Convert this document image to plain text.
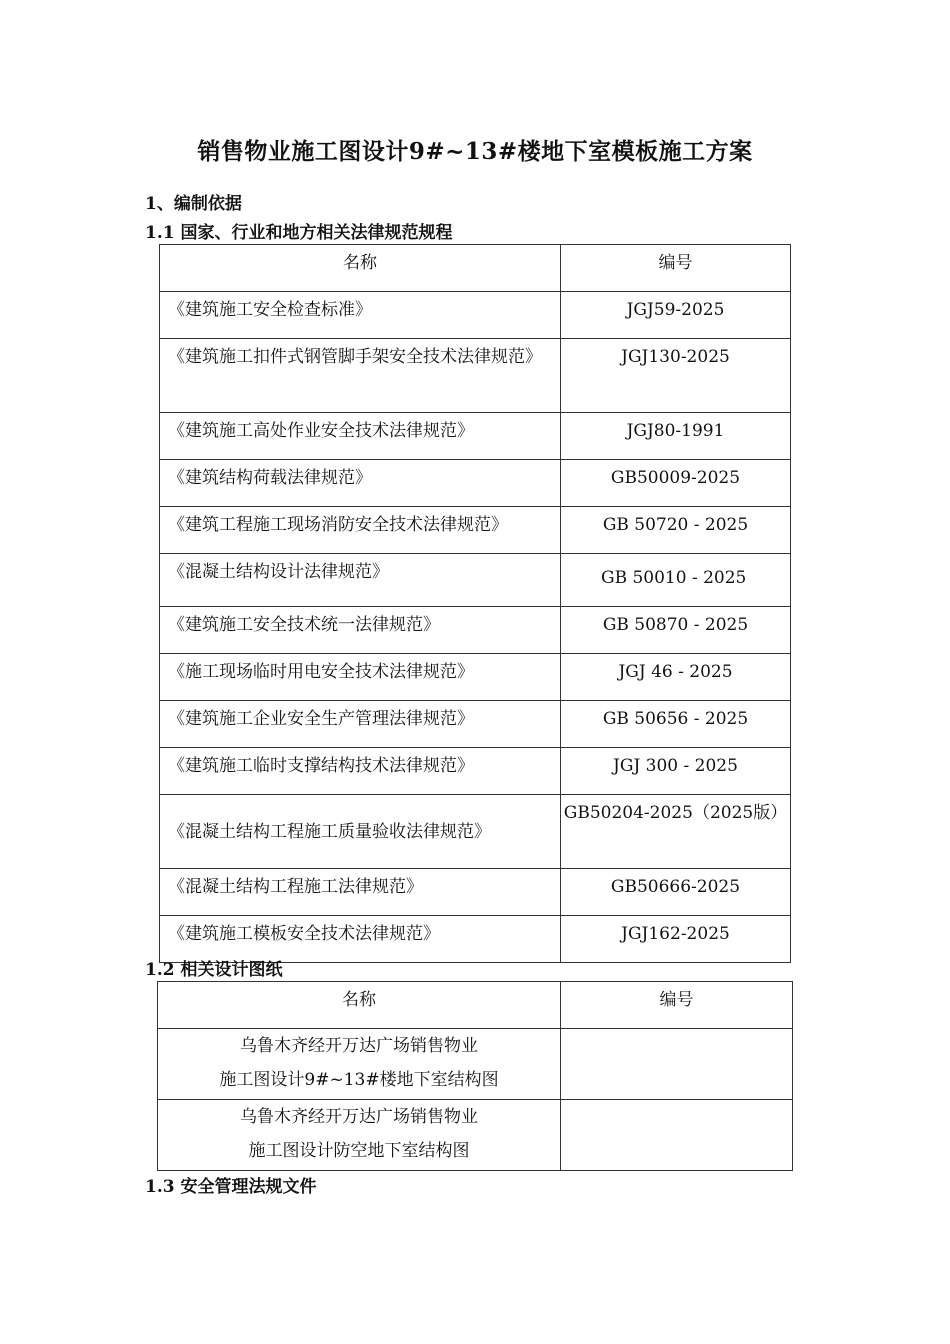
销售物业施工图设计9#~13#楼地下室模板施工方案
1、编制依据
1.1 国家、行业和地方相关法律规范规程
名称	编号
《建筑施工安全检查标准》	JGJ59-2025
《建筑施工扣件式钢管脚手架安全技术法律规范》	JGJ130-2025
《建筑施工高处作业安全技术法律规范》	JGJ80-1991
《建筑结构荷载法律规范》	GB50009-2025
《建筑工程施工现场消防安全技术法律规范》	GB 50720 - 2025
《混凝土结构设计法律规范》	GB 50010 - 2025
《建筑施工安全技术统一法律规范》	GB 50870 - 2025
《施工现场临时用电安全技术法律规范》	JGJ 46 - 2025
《建筑施工企业安全生产管理法律规范》	GB 50656 - 2025
《建筑施工临时支撑结构技术法律规范》	JGJ 300 - 2025
《混凝土结构工程施工质量验收法律规范》	GB50204-2025（2025版）
《混凝土结构工程施工法律规范》	GB50666-2025
《建筑施工模板安全技术法律规范》	JGJ162-2025
1.2 相关设计图纸
名称	编号

乌鲁木齐经开万达广场销售物业
施工图设计9#~13#楼地下室结构图	

乌鲁木齐经开万达广场销售物业
施工图设计防空地下室结构图	

1.3 安全管理法规文件
